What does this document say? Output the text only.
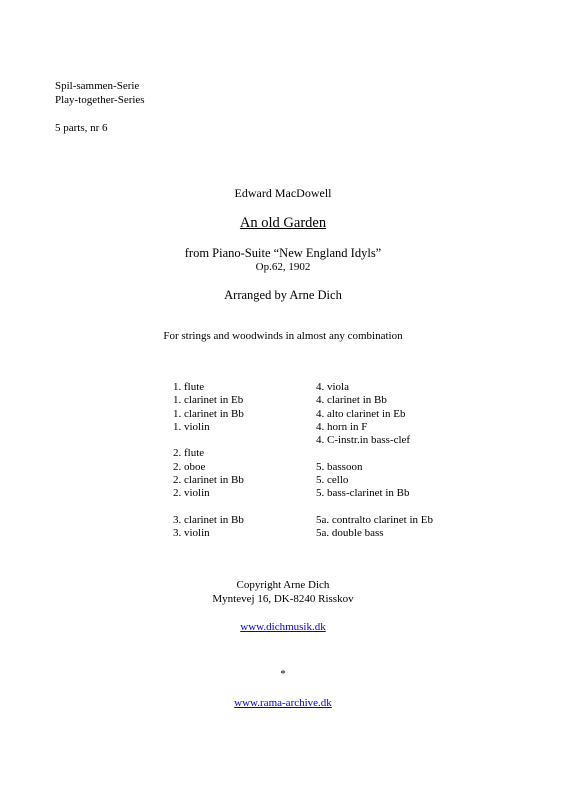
Spil-sammen-Serie
Play-together-Series
5 parts, nr 6
Edward MacDowell
An old Garden
from Piano-Suite “New England Idyls”
Op.62, 1902
Arranged by Arne Dich
For strings and woodwinds in almost any combination
1. flute
1. clarinet in Eb
1. clarinet in Bb
1. violin
2. flute
2. oboe
2. clarinet in Bb
2. violin
3. clarinet in Bb
3. violin
4. viola
4. clarinet in Bb
4. alto clarinet in Eb
4. horn in F
4. C-instr.in bass-clef
5. bassoon
5. cello
5. bass-clarinet in Bb
5a. contralto clarinet in Eb
5a. double bass
Copyright Arne Dich
Myntevej 16, DK-8240 Risskov
www.dichmusik.dk
*
www.rama-archive.dk
